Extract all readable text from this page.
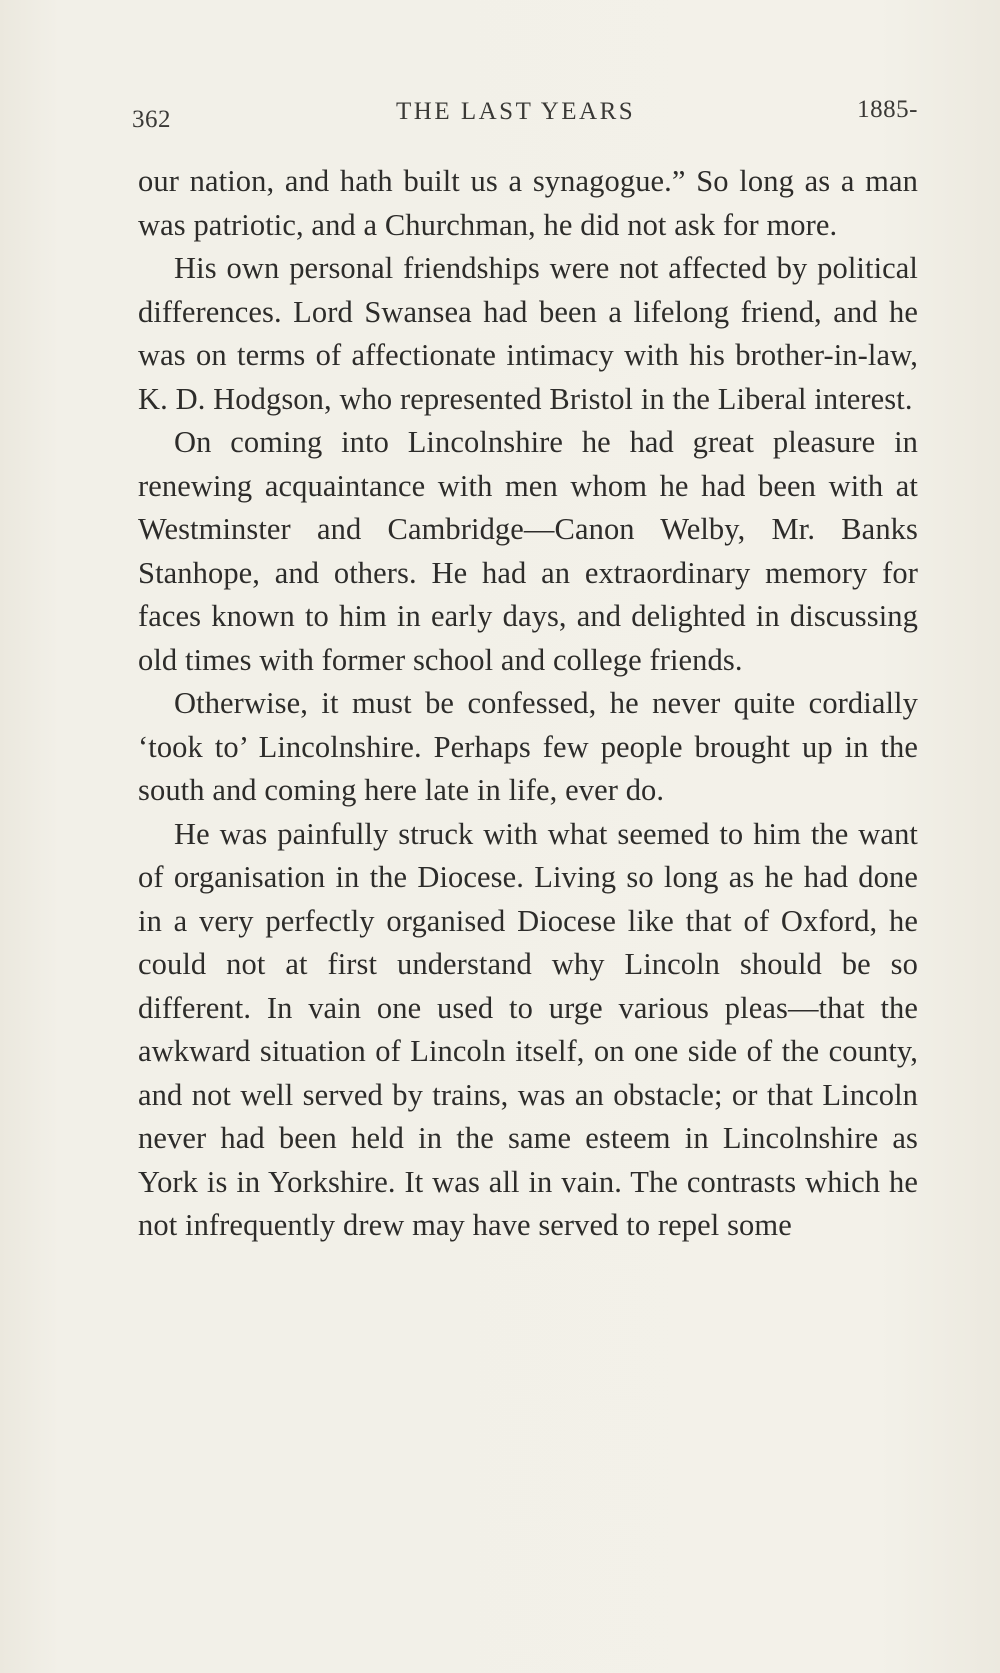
362	THE LAST YEARS	1885-

our nation, and hath built us a synagogue.” So long as a man was patriotic, and a Churchman, he did not ask for more.

His own personal friendships were not affected by political differences. Lord Swansea had been a lifelong friend, and he was on terms of affectionate intimacy with his brother-in-law, K. D. Hodgson, who represented Bristol in the Liberal interest.

On coming into Lincolnshire he had great pleasure in renewing acquaintance with men whom he had been with at Westminster and Cambridge—Canon Welby, Mr. Banks Stanhope, and others. He had an extraordinary memory for faces known to him in early days, and delighted in discussing old times with former school and college friends.

Otherwise, it must be confessed, he never quite cordially ‘took to’ Lincolnshire. Perhaps few people brought up in the south and coming here late in life, ever do.

He was painfully struck with what seemed to him the want of organisation in the Diocese. Living so long as he had done in a very perfectly organised Diocese like that of Oxford, he could not at first understand why Lincoln should be so different. In vain one used to urge various pleas—that the awkward situation of Lincoln itself, on one side of the county, and not well served by trains, was an obstacle; or that Lincoln never had been held in the same esteem in Lincolnshire as York is in Yorkshire. It was all in vain. The contrasts which he not infrequently drew may have served to repel some
